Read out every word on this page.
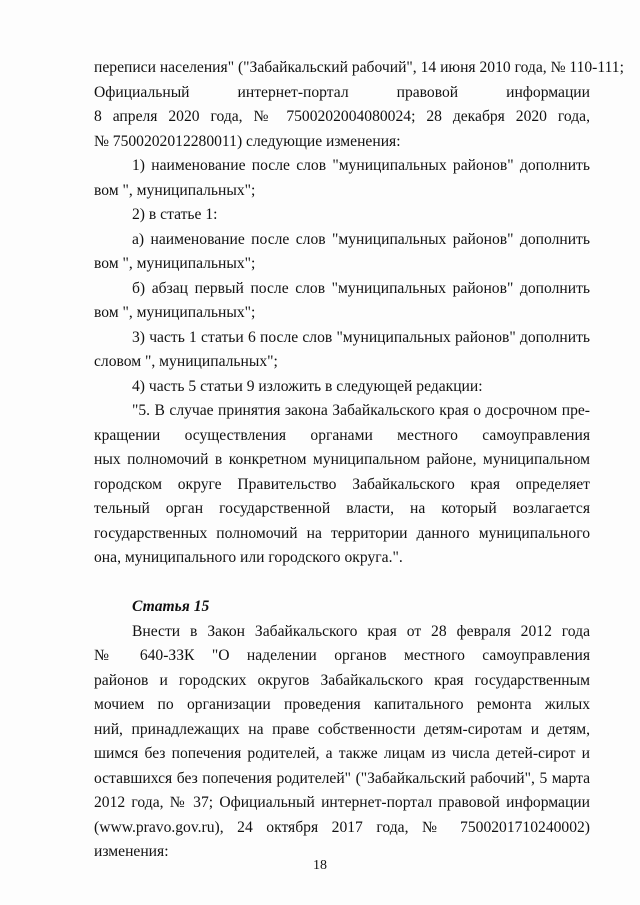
переписи населения" ("Забайкальский рабочий", 14 июня 2010 года, № 110-111;
Официальный интернет-портал правовой информации
8 апреля 2020 года, № 7500202004080024; 28 декабря 2020 года,
№ 7500202012280011) следующие изменения:
1) наименование после слов "муниципальных районов" дополнить
вом ", муниципальных";
2) в статье 1:
а) наименование после слов "муниципальных районов" дополнить
вом ", муниципальных";
б) абзац первый после слов "муниципальных районов" дополнить
вом ", муниципальных";
3) часть 1 статьи 6 после слов "муниципальных районов" дополнить
словом ", муниципальных";
4) часть 5 статьи 9 изложить в следующей редакции:
"5. В случае принятия закона Забайкальского края о досрочном пре-
кращении осуществления органами местного самоуправления
ных полномочий в конкретном муниципальном районе, муниципальном
городском округе Правительство Забайкальского края определяет
тельный орган государственной власти, на который возлагается
государственных полномочий на территории данного муниципального
она, муниципального или городского округа.".
Статья 15
Внести в Закон Забайкальского края от 28 февраля 2012 года
№ 640-ЗЗК "О наделении органов местного самоуправления
районов и городских округов Забайкальского края государственным
мочием по организации проведения капитального ремонта жилых
ний, принадлежащих на праве собственности детям-сиротам и детям,
шимся без попечения родителей, а также лицам из числа детей-сирот и
оставшихся без попечения родителей" ("Забайкальский рабочий", 5 марта
2012 года, № 37; Официальный интернет-портал правовой информации
(www.pravo.gov.ru), 24 октября 2017 года, № 7500201710240002)
изменения:
18
